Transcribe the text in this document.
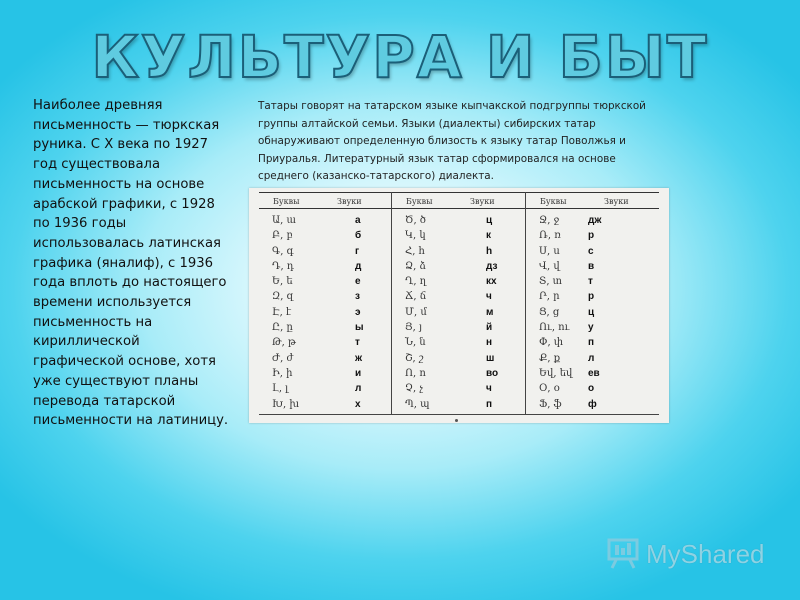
КУЛЬТУРА И БЫТ

Наиболее древняя письменность — тюркская руника. С X века по 1927 год существовала письменность на основе арабской графики, с 1928 по 1936 годы использовалась латинская графика (яналиф), с 1936 года вплоть до настоящего времени используется письменность на кирилличеcкой графической основе, хотя уже существуют планы перевода татарской письменности на латиницу.

Татары говорят на татарском языке кыпчакской подгруппы тюркской группы алтайской семьи. Языки (диалекты) сибирских татар обнаруживают определенную близость к языку татар Поволжья и Приуралья. Литературный язык татар сформировался на основе среднего (казанско-татарского) диалекта.

Буквы	Звуки
Ա, ա	а
Բ, բ	б
Գ, գ	г
Դ, դ	д
Ե, ե	е
Զ, զ	з
Է, է	э
Ը, ը	ы
Թ, թ	т
Ժ, ժ	ж
Ի, ի	и
Լ, լ	л
Խ, խ	х
Буквы	Звуки
Ծ, ծ	ц
Կ, կ	к
Հ, հ	h
Ձ, ձ	дз
Ղ, ղ	кх
Ճ, ճ	ч
Մ, մ	м
Յ, յ	й
Ն, ն	н
Շ, շ	ш
Ո, ո	во
Չ, չ	ч
Պ, պ	п
Буквы	Звуки
Ջ, ջ	дж
Ռ, ռ	р
Ս, ս	с
Վ, վ	в
Տ, տ	т
Ր, ր	р
Ց, ց	ц
Ու, ու у
Փ, փ п
Ք, ք	л
Եվ, եվ ев
Օ, օ	о
Ֆ, ֆ	ф
MyShared
